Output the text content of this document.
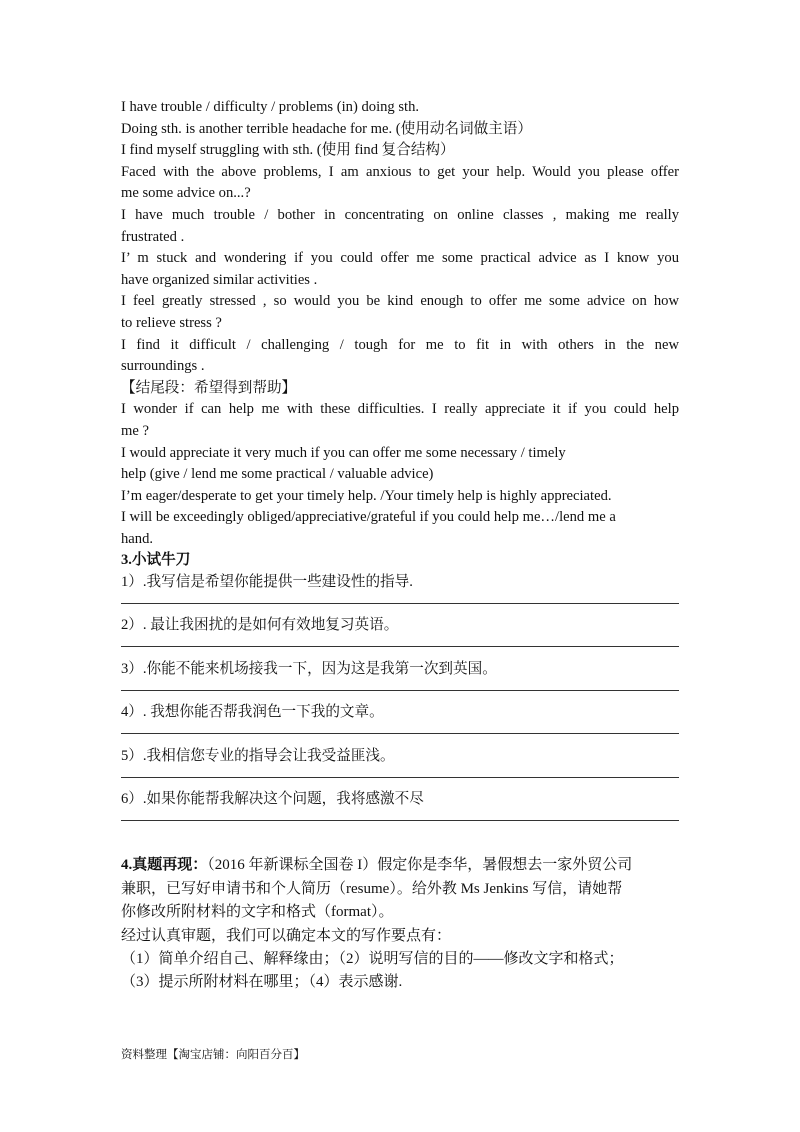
I have trouble / difficulty / problems (in) doing sth.
Doing sth. is another terrible headache for me. (使用动名词做主语）
I find myself struggling with sth. (使用 find 复合结构）
Faced with the above problems, I am anxious to get your help. Would you please offer
me some advice on...?
I have much trouble / bother in concentrating on online classes , making me really
frustrated .
I’ m stuck and wondering if you could offer me some practical advice as I know you
have organized similar activities .
I feel greatly stressed , so would you be kind enough to offer me some advice on how
to relieve stress ?
I find it difficult / challenging / tough for me to fit in with others in the new
surroundings .
【结尾段：希望得到帮助】
I wonder if can help me with these difficulties. I really appreciate it if you could help
me ?
I would appreciate it very much if you can offer me some necessary / timely
help (give / lend me some practical / valuable advice)
I’m eager/desperate to get your timely help. /Your timely help is highly appreciated.
I will be exceedingly obliged/appreciative/grateful if you could help me…/lend me a
hand.
3.小试牛刀
1）.我写信是希望你能提供一些建设性的指导.
2）. 最让我困扰的是如何有效地复习英语。
3）.你能不能来机场接我一下，因为这是我第一次到英国。
4）. 我想你能否帮我润色一下我的文章。
5）.我相信您专业的指导会让我受益匪浅。
6）.如果你能帮我解决这个问题，我将感激不尽
4.真题再现：（2016 年新课标全国卷 I）假定你是李华，暑假想去一家外贸公司
兼职，已写好申请书和个人简历（resume）。给外教 Ms Jenkins 写信，请她帮
你修改所附材料的文字和格式（format）。
经过认真审题，我们可以确定本文的写作要点有：
（1）简单介绍自己、解释缘由；（2）说明写信的目的——修改文字和格式；
（3）提示所附材料在哪里；（4）表示感谢.
资料整理【淘宝店铺：向阳百分百】
